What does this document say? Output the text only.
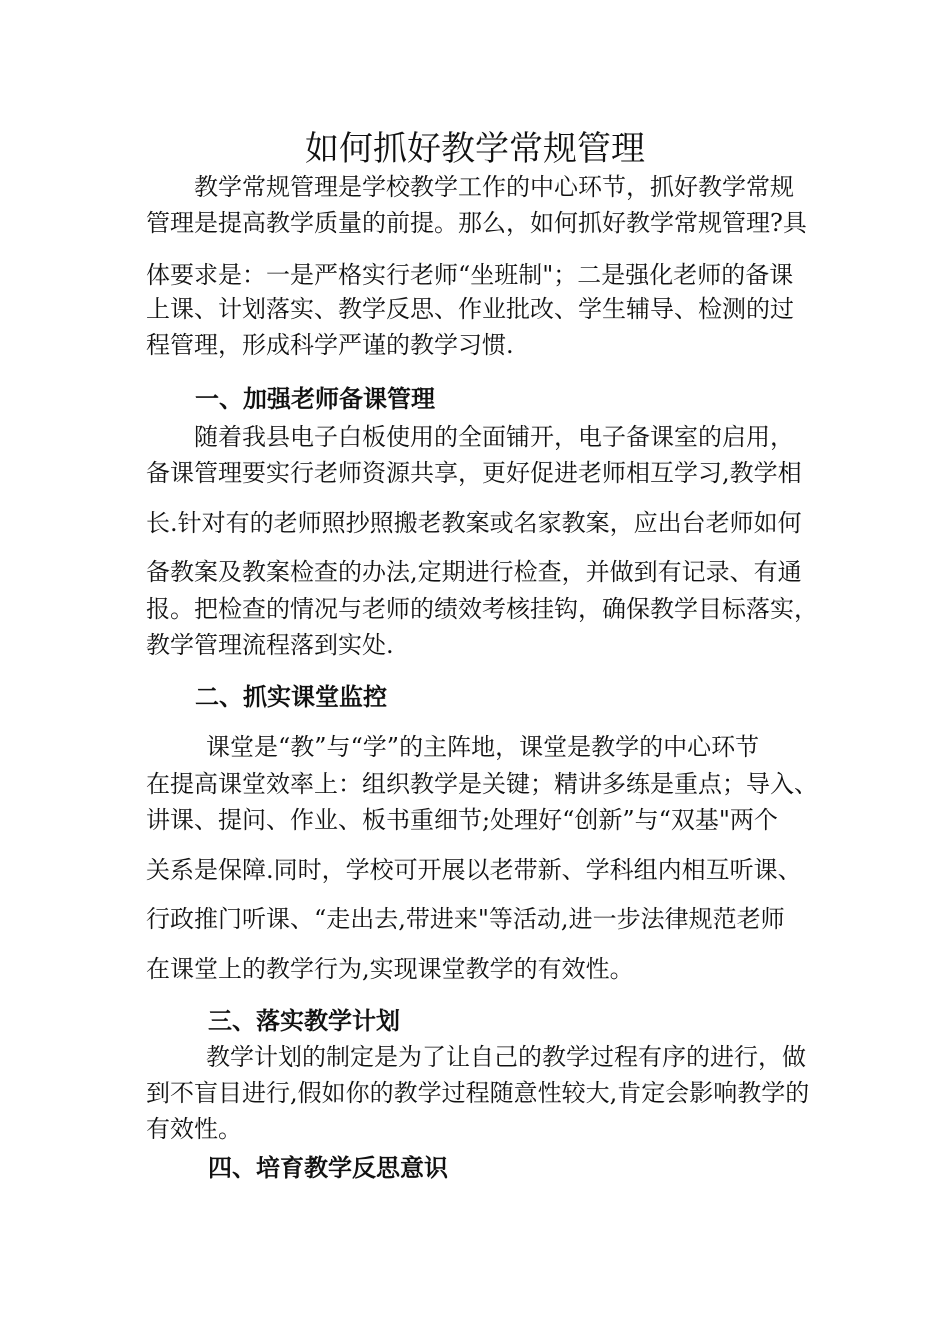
如何抓好教学常规管理
教学常规管理是学校教学工作的中心环节，抓好教学常规
管理是提高教学质量的前提。那么，如何抓好教学常规管理?具
体要求是：一是严格实行老师“坐班制"；二是强化老师的备课
上课、计划落实、教学反思、作业批改、学生辅导、检测的过
程管理，形成科学严谨的教学习惯.
一、加强老师备课管理
随着我县电子白板使用的全面铺开，电子备课室的启用，
备课管理要实行老师资源共享，更好促进老师相互学习,教学相
长.针对有的老师照抄照搬老教案或名家教案，应出台老师如何
备教案及教案检查的办法,定期进行检查，并做到有记录、有通
报。把检查的情况与老师的绩效考核挂钩，确保教学目标落实，
教学管理流程落到实处.
二、抓实课堂监控
课堂是“教”与“学”的主阵地，课堂是教学的中心环节
在提高课堂效率上：组织教学是关键；精讲多练是重点；导入、
讲课、提问、作业、板书重细节;处理好“创新”与“双基"两个
关系是保障.同时，学校可开展以老带新、学科组内相互听课、
行政推门听课、“走出去,带进来"等活动,进一步法律规范老师
在课堂上的教学行为,实现课堂教学的有效性。
三、落实教学计划
教学计划的制定是为了让自己的教学过程有序的进行，做
到不盲目进行,假如你的教学过程随意性较大,肯定会影响教学的
有效性。
四、培育教学反思意识
